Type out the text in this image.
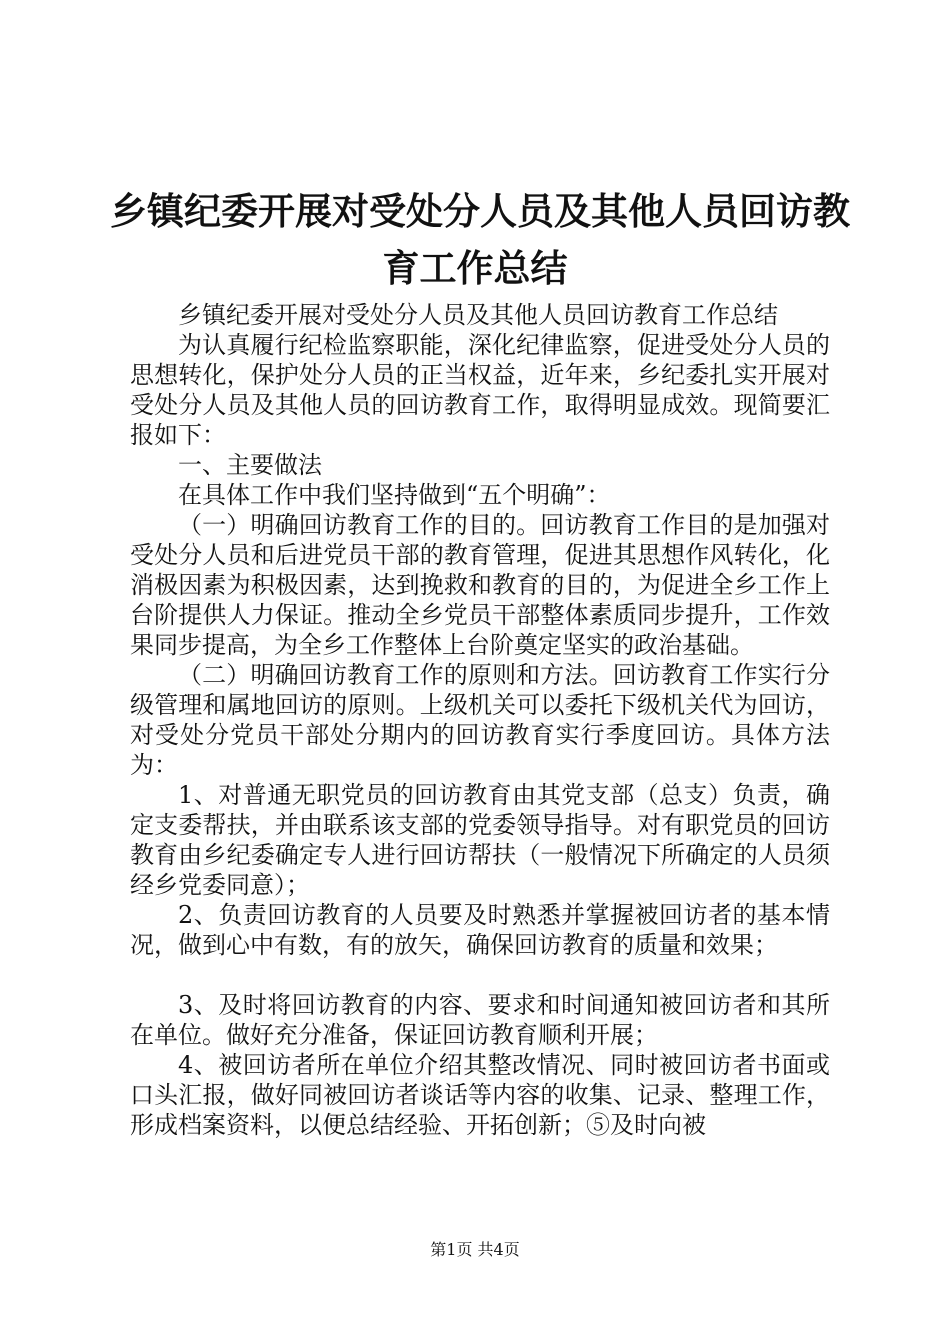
乡镇纪委开展对受处分人员及其他人员回访教
育工作总结

乡镇纪委开展对受处分人员及其他人员回访教育工作总结

为认真履行纪检监察职能，深化纪律监察，促进受处分人员的思想转化，保护处分人员的正当权益，近年来，乡纪委扎实开展对受处分人员及其他人员的回访教育工作，取得明显成效。现简要汇报如下：

一、主要做法

在具体工作中我们坚持做到“五个明确”：

（一）明确回访教育工作的目的。回访教育工作目的是加强对受处分人员和后进党员干部的教育管理，促进其思想作风转化，化消极因素为积极因素，达到挽救和教育的目的，为促进全乡工作上台阶提供人力保证。推动全乡党员干部整体素质同步提升，工作效果同步提高，为全乡工作整体上台阶奠定坚实的政治基础。

（二）明确回访教育工作的原则和方法。回访教育工作实行分级管理和属地回访的原则。上级机关可以委托下级机关代为回访，对受处分党员干部处分期内的回访教育实行季度回访。具体方法为：

1、对普通无职党员的回访教育由其党支部（总支）负责，确定支委帮扶，并由联系该支部的党委领导指导。对有职党员的回访教育由乡纪委确定专人进行回访帮扶（一般情况下所确定的人员须经乡党委同意）；

2、负责回访教育的人员要及时熟悉并掌握被回访者的基本情况，做到心中有数，有的放矢，确保回访教育的质量和效果；

3、及时将回访教育的内容、要求和时间通知被回访者和其所在单位。做好充分准备，保证回访教育顺利开展；

4、被回访者所在单位介绍其整改情况、同时被回访者书面或口头汇报，做好同被回访者谈话等内容的收集、记录、整理工作，形成档案资料，以便总结经验、开拓创新；⑤及时向被

第1页 共4页
